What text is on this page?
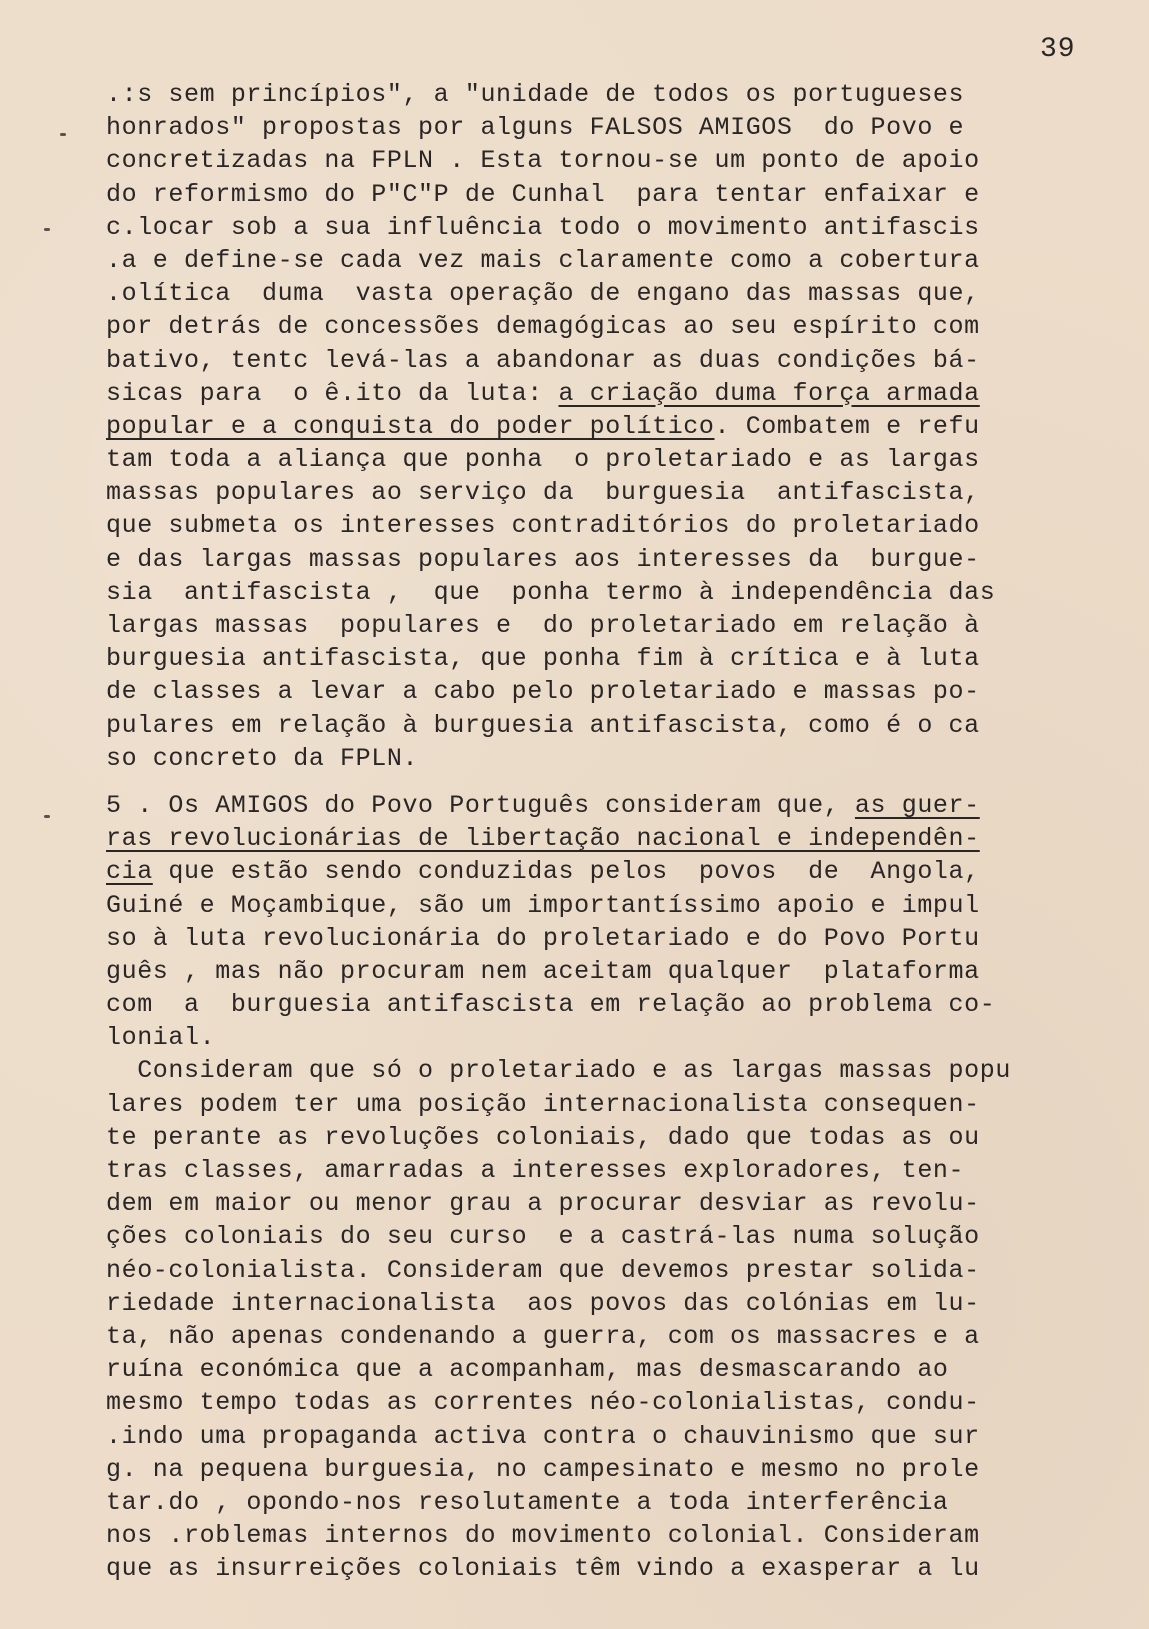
39
.:s sem princípios", a "unidade de todos os portugueses
honrados" propostas por alguns FALSOS AMIGOS  do Povo e
concretizadas na FPLN . Esta tornou-se um ponto de apoio
do reformismo do P"C"P de Cunhal  para tentar enfaixar e
c.locar sob a sua influência todo o movimento antifascis
.a e define-se cada vez mais claramente como a cobertura
.olítica  duma  vasta operação de engano das massas que,
por detrás de concessões demagógicas ao seu espírito com
bativo, tentc levá-las a abandonar as duas condições bá-
sicas para  o ê.ito da luta: a criação duma força armada
popular e a conquista do poder político. Combatem e refu
tam toda a aliança que ponha  o proletariado e as largas
massas populares ao serviço da  burguesia  antifascista,
que submeta os interesses contraditórios do proletariado
e das largas massas populares aos interesses da  burgue-
sia  antifascista ,  que  ponha termo à independência das
largas massas  populares e  do proletariado em relação à
burguesia antifascista, que ponha fim à crítica e à luta
de classes a levar a cabo pelo proletariado e massas po-
pulares em relação à burguesia antifascista, como é o ca
so concreto da FPLN.
5 . Os AMIGOS do Povo Português consideram que, as guer-
ras revolucionárias de libertação nacional e independên-
cia que estão sendo conduzidas pelos  povos  de  Angola,
Guiné e Moçambique, são um importantíssimo apoio e impul
so à luta revolucionária do proletariado e do Povo Portu
guês , mas não procuram nem aceitam qualquer  plataforma
com  a  burguesia antifascista em relação ao problema co-
lonial.
Consideram que só o proletariado e as largas massas popu
lares podem ter uma posição internacionalista consequen-
te perante as revoluções coloniais, dado que todas as ou
tras classes, amarradas a interesses exploradores, ten-
dem em maior ou menor grau a procurar desviar as revolu-
ções coloniais do seu curso  e a castrá-las numa solução
néo-colonialista. Consideram que devemos prestar solida-
riedade internacionalista  aos povos das colónias em lu-
ta, não apenas condenando a guerra, com os massacres e a
ruína económica que a acompanham, mas desmascarando ao
mesmo tempo todas as correntes néo-colonialistas, condu-
.indo uma propaganda activa contra o chauvinismo que sur
g. na pequena burguesia, no campesinato e mesmo no prole
tar.do , opondo-nos resolutamente a toda interferência
nos .roblemas internos do movimento colonial. Consideram
que as insurreições coloniais têm vindo a exasperar a lu
